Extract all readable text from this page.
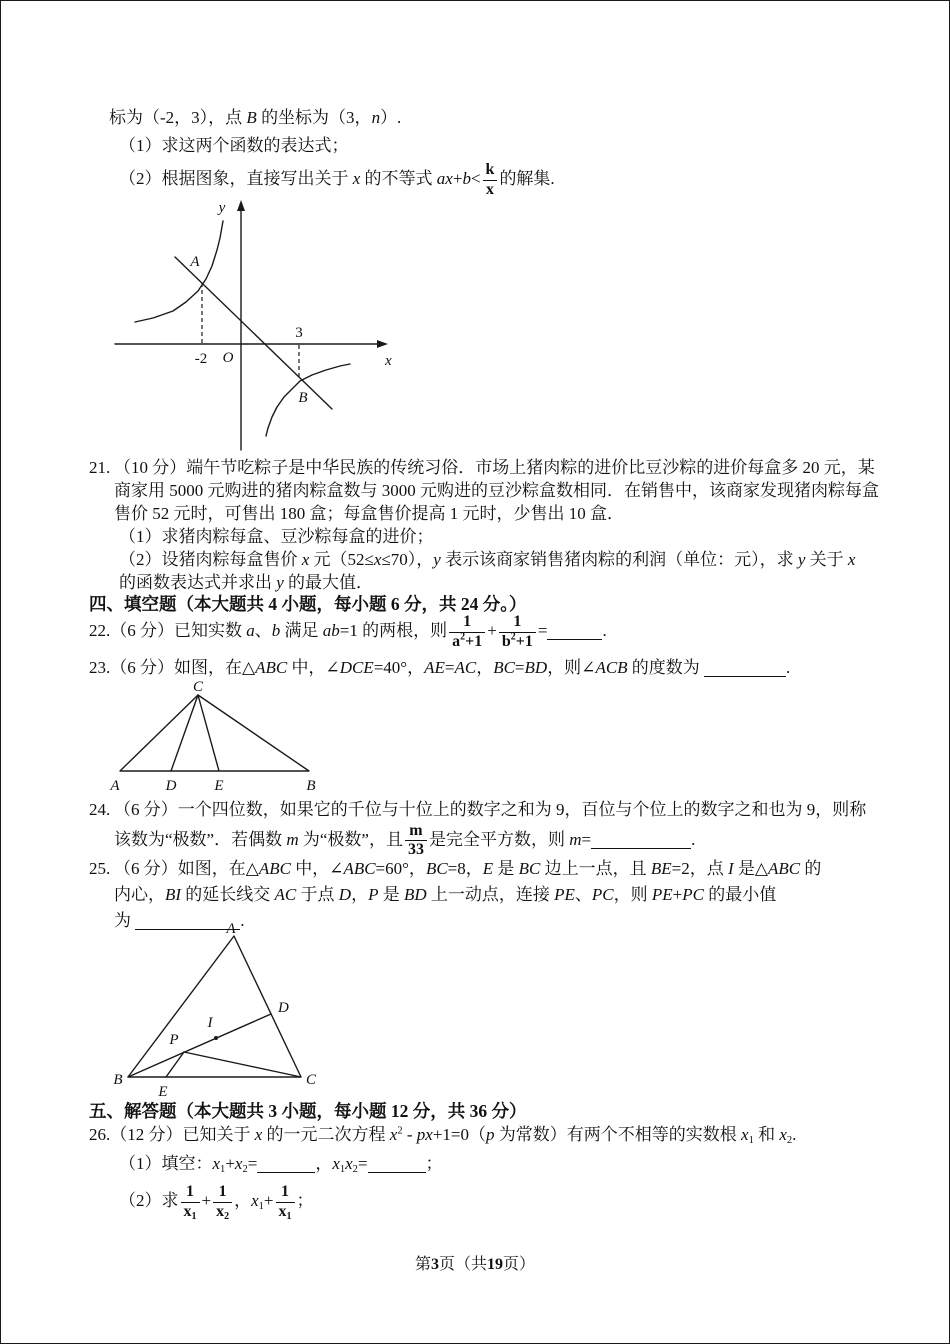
标为（-2，3），点 B 的坐标为（3，n）.
（1）求这两个函数的表达式；
（2）根据图象，直接写出关于 x 的不等式 $ax+b< \frac{k}{x}$ 的解集.
y
x
O
A
B
-2
3
21. （10 分）端午节吃粽子是中华民族的传统习俗．市场上猪肉粽的进价比豆沙粽的进价每盒多 20 元，某
商家用 5000 元购进的猪肉粽盒数与 3000 元购进的豆沙粽盒数相同．在销售中，该商家发现猪肉粽每盒
售价 52 元时，可售出 180 盒；每盒售价提高 1 元时，少售出 10 盒．
（1）求猪肉粽每盒、豆沙粽每盒的进价；
（2）设猪肉粽每盒售价 x 元（52≤x≤70），y 表示该商家销售猪肉粽的利润（单位：元），求 y 关于 x
的函数表达式并求出 y 的最大值．
四、填空题（本大题共 4 小题，每小题 6 分，共 24 分。）
22.（6 分）已知实数 a、b 满足 ab=1 的两根，则 $\frac{1}{a^2+1} + \frac{1}{b^2+1}$ =	.
23.（6 分）如图，在△ABC 中，∠DCE=40°，AE=AC，BC=BD，则∠ACB 的度数为	.
C
A	D	E	B
24. （6 分）一个四位数，如果它的千位与十位上的数字之和为 9，百位与个位上的数字之和也为 9，则称
该数为“极数”．若偶数 m 为“极数”，且 $\frac{m}{33}$ 是完全平方数，则 m=	.
25. （6 分）如图，在△ABC 中，∠ABC=60°，BC=8，E 是 BC 边上一点，且 BE=2，点 I 是△ABC 的
内心，BI 的延长线交 AC 于点 D，P 是 BD 上一动点，连接 PE、PC，则 PE+PC 的最小值
为	.
A
B	C
D
E
I
P
五、解答题（本大题共 3 小题，每小题 12 分，共 36 分）
26.（12 分）已知关于 x 的一元二次方程 $x^2 - px+1=0(p$ 为常数）有两个不相等的实数根 $x_1$ 和 $x_2$.
（1）填空：$x_1+x_2=$	，$x_1x_2=$	；
（2）求 $\frac{1}{x_1} + \frac{1}{x_2}$ ，$x_1+ \frac{1}{x_1}$ ；
第3页（共19页）
